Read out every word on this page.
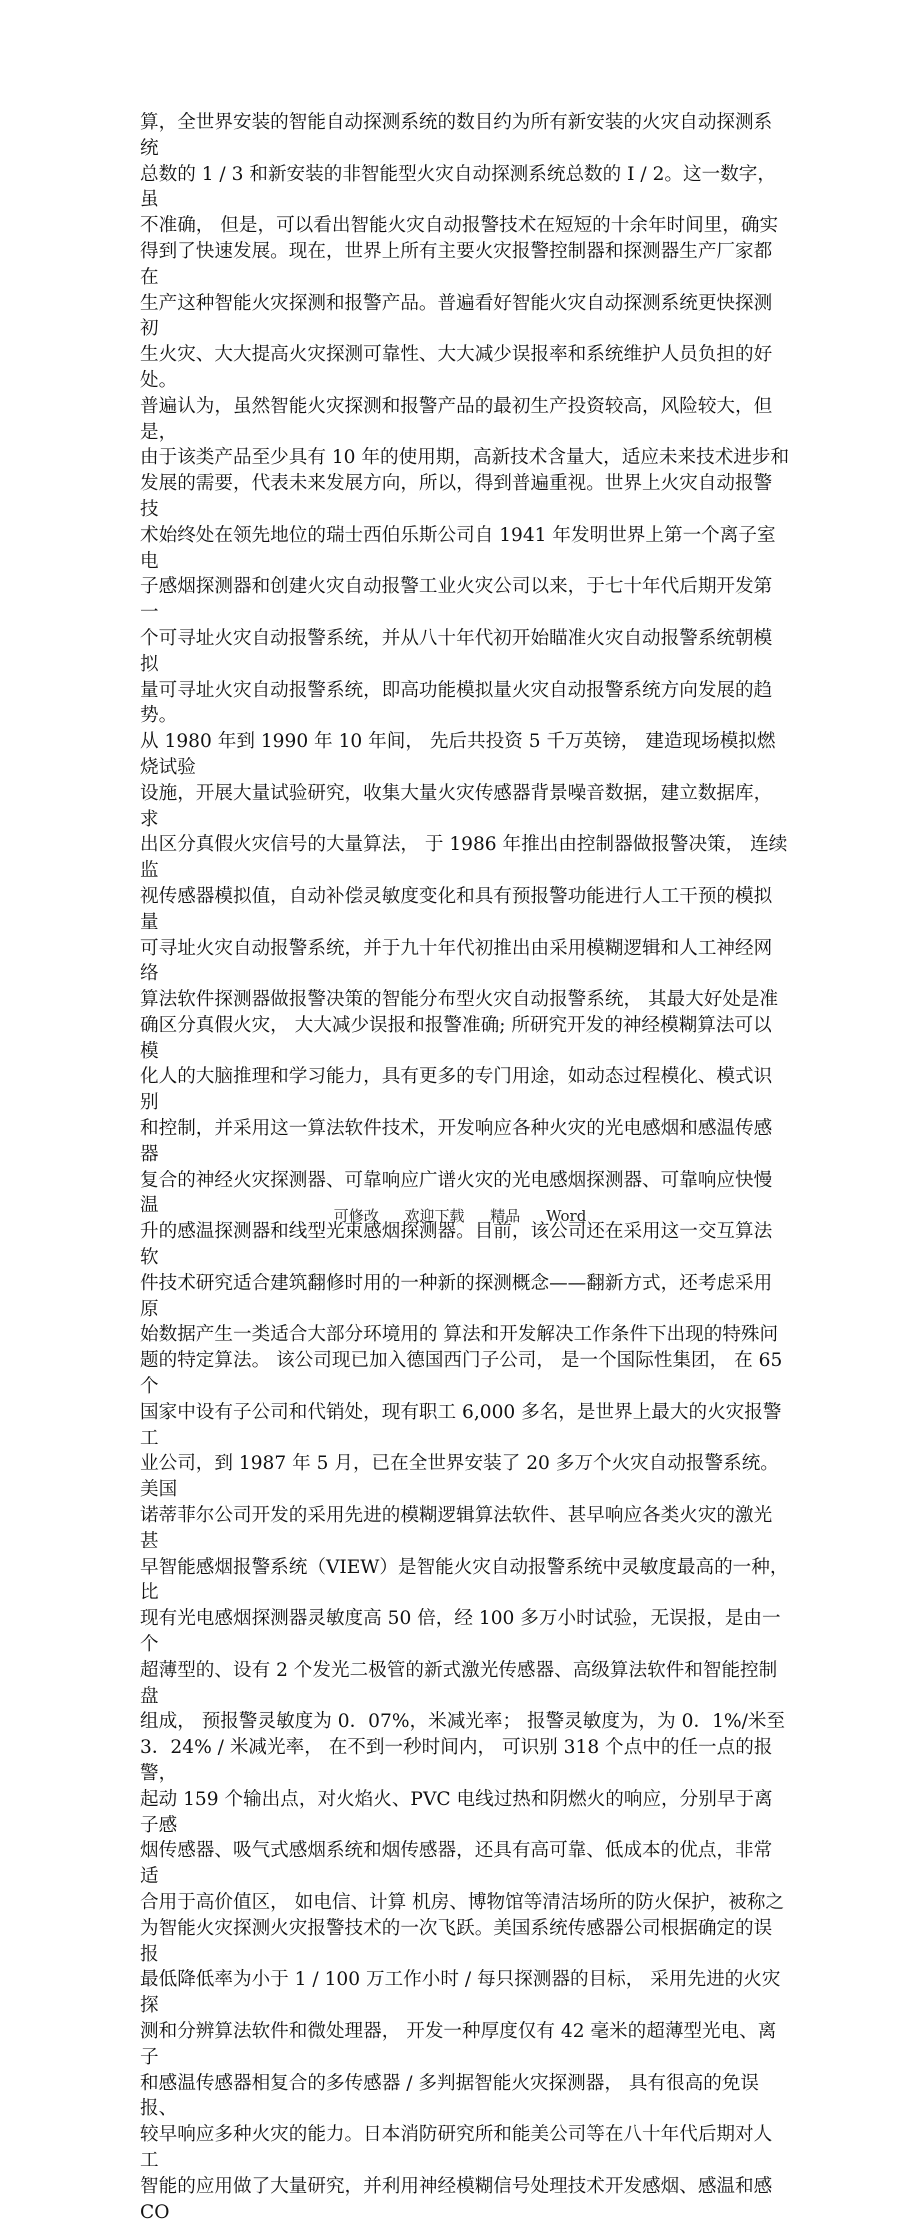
算，全世界安装的智能自动探测系统的数目约为所有新安装的火灾自动探测系统
总数的 1 / 3 和新安装的非智能型火灾自动探测系统总数的 I / 2。这一数字，虽
不准确， 但是，可以看出智能火灾自动报警技术在短短的十余年时间里，确实
得到了快速发展。现在，世界上所有主要火灾报警控制器和探测器生产厂家都在
生产这种智能火灾探测和报警产品。普遍看好智能火灾自动探测系统更快探测初
生火灾、大大提高火灾探测可靠性、大大减少误报率和系统维护人员负担的好处。
普遍认为，虽然智能火灾探测和报警产品的最初生产投资较高，风险较大，但是，
由于该类产品至少具有 10 年的使用期，高新技术含量大，适应未来技术进步和
发展的需要，代表未来发展方向，所以，得到普遍重视。世界上火灾自动报警技
术始终处在领先地位的瑞士西伯乐斯公司自 1941 年发明世界上第一个离子室电
子感烟探测器和创建火灾自动报警工业火灾公司以来，于七十年代后期开发第一
个可寻址火灾自动报警系统，并从八十年代初开始瞄准火灾自动报警系统朝模拟
量可寻址火灾自动报警系统，即高功能模拟量火灾自动报警系统方向发展的趋势。
从 1980 年到 1990 年 10 年间， 先后共投资 5 千万英镑， 建造现场模拟燃烧试验
设施，开展大量试验研究，收集大量火灾传感器背景噪音数据，建立数据库，求
出区分真假火灾信号的大量算法， 于 1986 年推出由控制器做报警决策， 连续监
视传感器模拟值，自动补偿灵敏度变化和具有预报警功能进行人工干预的模拟量
可寻址火灾自动报警系统，并于九十年代初推出由采用模糊逻辑和人工神经网络
算法软件探测器做报警决策的智能分布型火灾自动报警系统， 其最大好处是准
确区分真假火灾， 大大减少误报和报警准确; 所研究开发的神经模糊算法可以模
化人的大脑推理和学习能力，具有更多的专门用途，如动态过程模化、模式识别
和控制，并采用这一算法软件技术，开发响应各种火灾的光电感烟和感温传感器
复合的神经火灾探测器、可靠响应广谱火灾的光电感烟探测器、可靠响应快慢温
升的感温探测器和线型光束感烟探测器。目前，该公司还在采用这一交互算法软
件技术研究适合建筑翻修时用的一种新的探测概念——翻新方式，还考虑采用原
始数据产生一类适合大部分环境用的 算法和开发解决工作条件下出现的特殊问
题的特定算法。 该公司现已加入德国西门子公司， 是一个国际性集团， 在 65 个
国家中设有子公司和代销处，现有职工 6,000 多名，是世界上最大的火灾报警工
业公司，到 1987 年 5 月，已在全世界安装了 20 多万个火灾自动报警系统。美国
诺蒂菲尔公司开发的采用先进的模糊逻辑算法软件、甚早响应各类火灾的激光甚
早智能感烟报警系统（VIEW）是智能火灾自动报警系统中灵敏度最高的一种，比
现有光电感烟探测器灵敏度高 50 倍，经 100 多万小时试验，无误报，是由一个
超薄型的、设有 2 个发光二极管的新式激光传感器、高级算法软件和智能控制盘
组成， 预报警灵敏度为 0．07%，米减光率； 报警灵敏度为，为 0．1%/米至
3．24% / 米减光率， 在不到一秒时间内， 可识别 318 个点中的任一点的报警，
起动 159 个输出点，对火焰火、PVC 电线过热和阴燃火的响应，分别早于离子感
烟传感器、吸气式感烟系统和烟传感器，还具有高可靠、低成本的优点，非常适
合用于高价值区， 如电信、计算 机房、博物馆等清洁场所的防火保护，被称之
为智能火灾探测火灾报警技术的一次飞跃。美国系统传感器公司根据确定的误报
最低降低率为小于 1 / 100 万工作小时 / 每只探测器的目标， 采用先进的火灾探
测和分辨算法软件和微处理器， 开发一种厚度仅有 42 毫米的超薄型光电、离子
和感温传感器相复合的多传感器 / 多判据智能火灾探测器， 具有很高的免误报、
较早响应多种火灾的能力。日本消防研究所和能美公司等在八十年代后期对人工
智能的应用做了大量研究，并利用神经模糊信号处理技术开发感烟、感温和感 CO

可修改 欢迎下载 精品 Word
